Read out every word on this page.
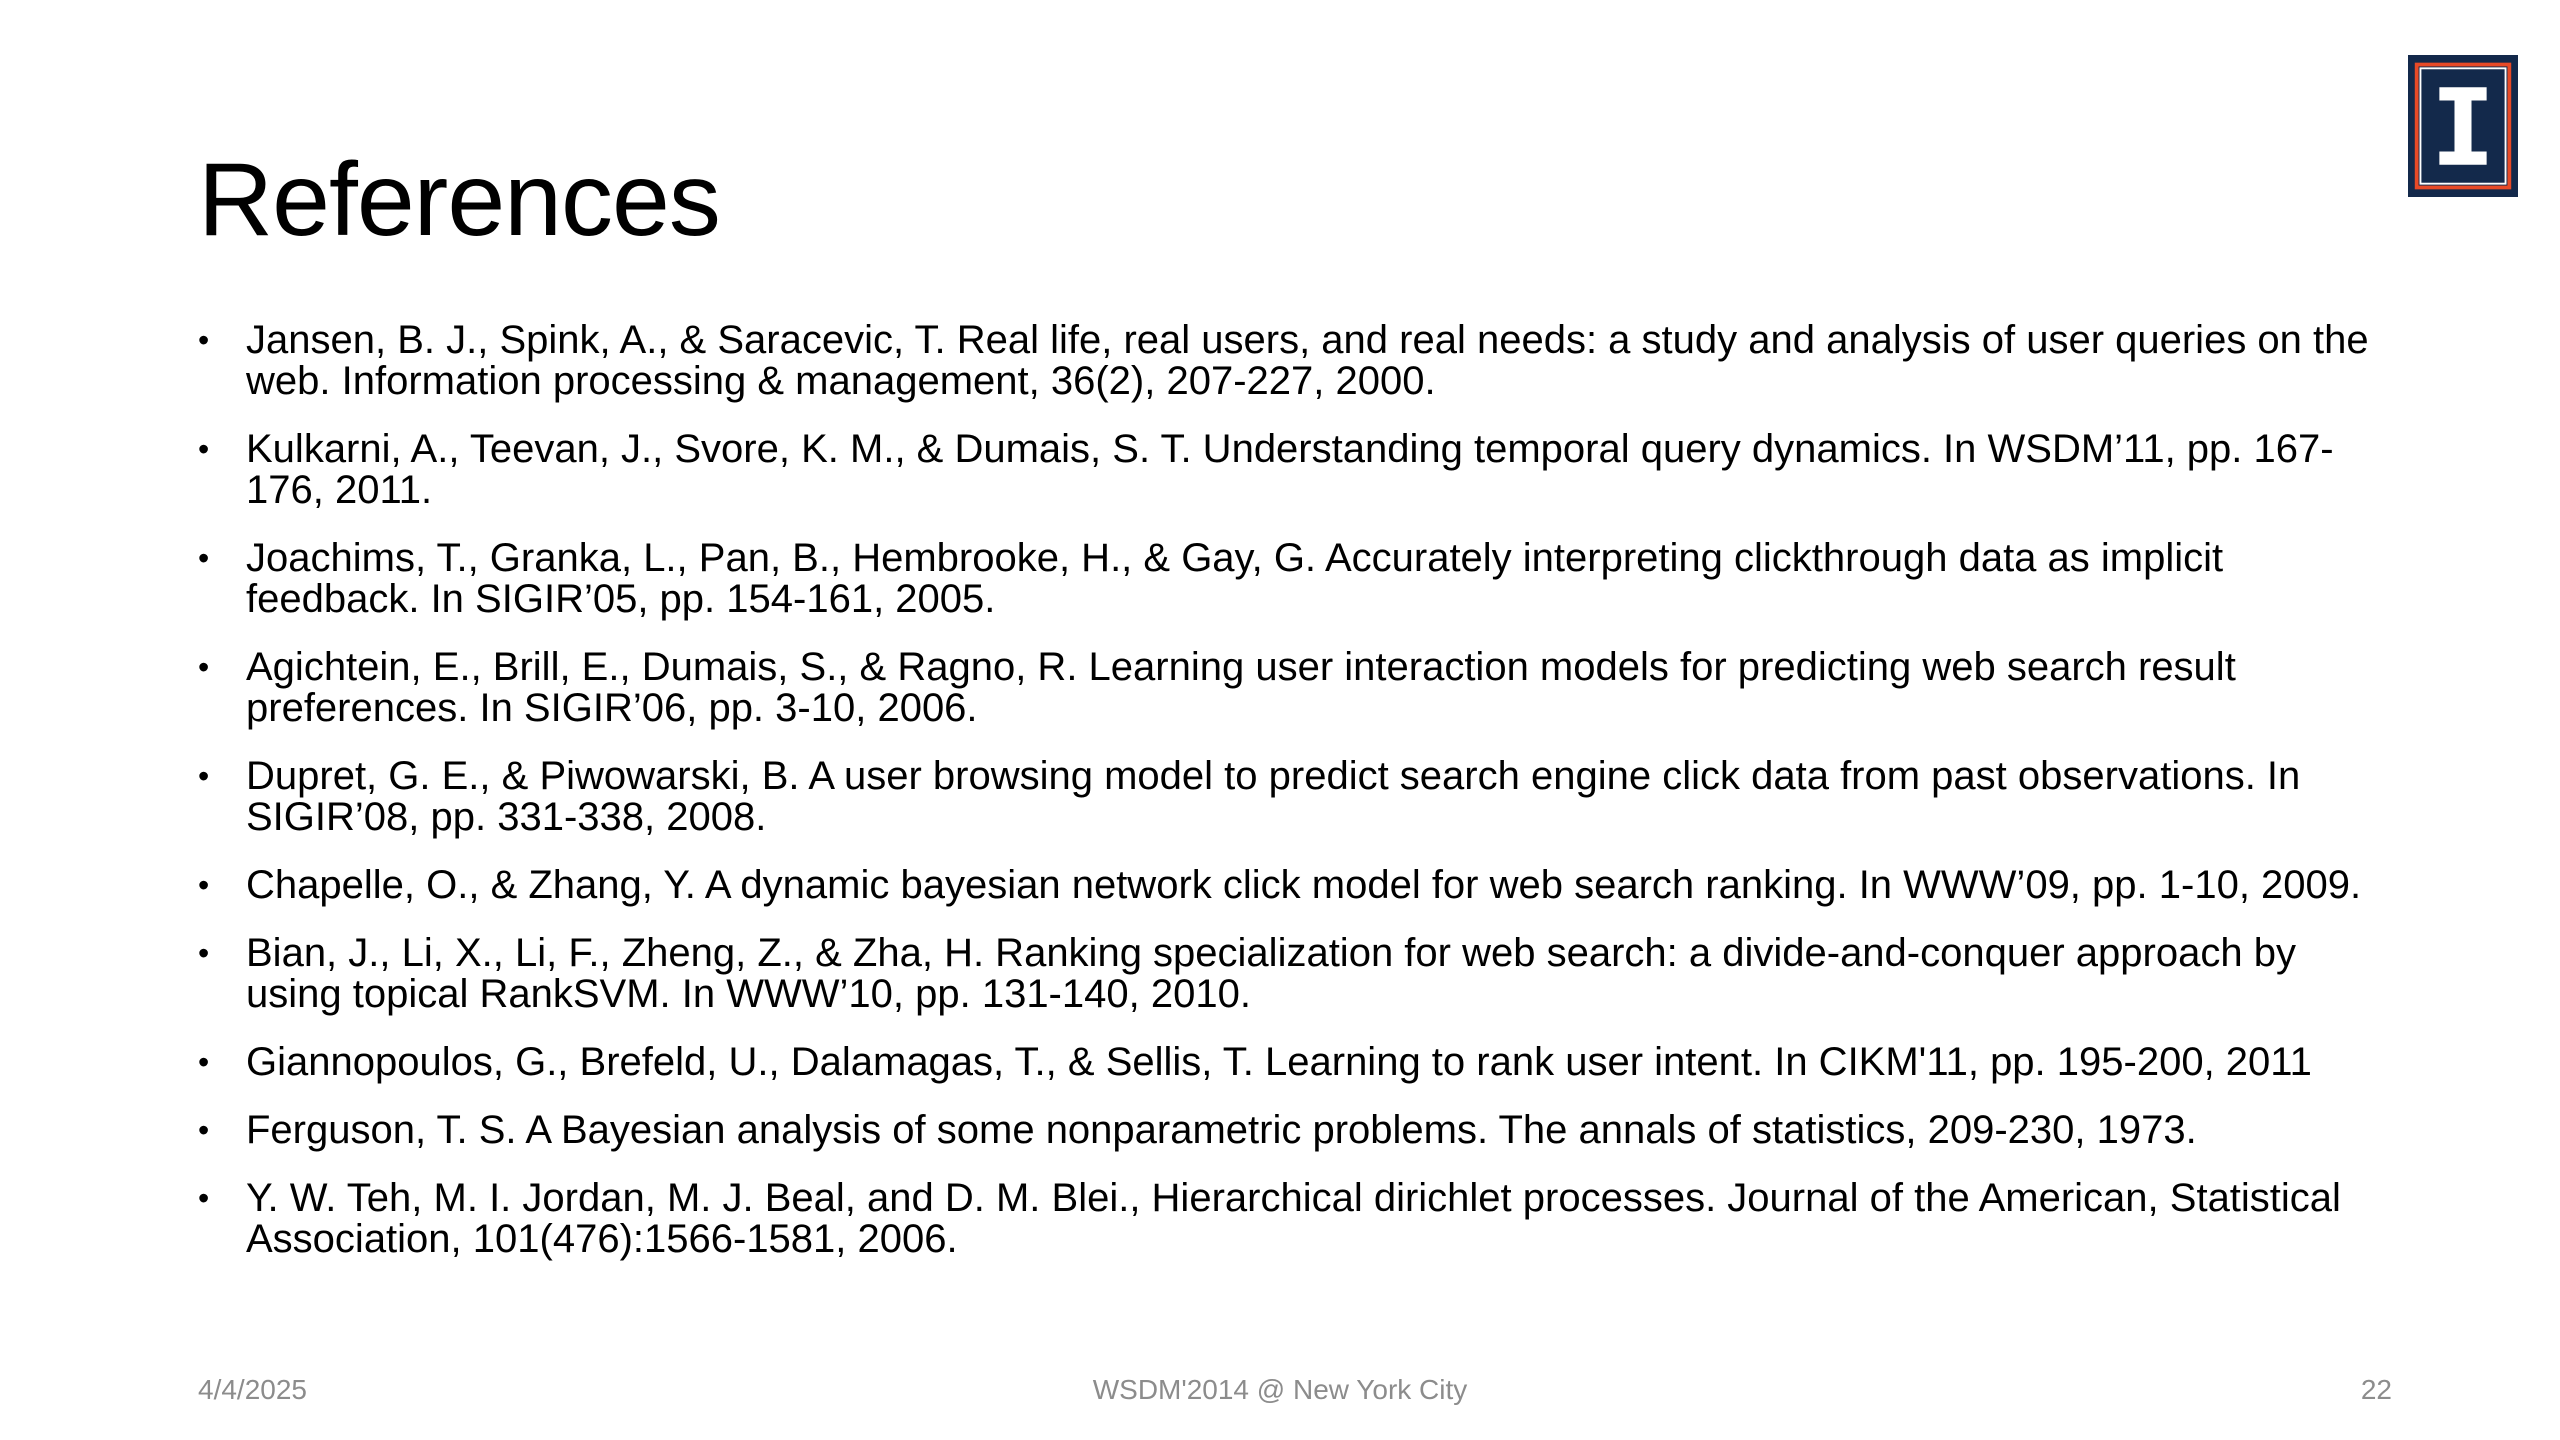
References
• Jansen, B. J., Spink, A., & Saracevic, T. Real life, real users, and real needs: a study and analysis of user queries on the web. Information processing & management, 36(2), 207-227, 2000.
• Kulkarni, A., Teevan, J., Svore, K. M., & Dumais, S. T. Understanding temporal query dynamics. In WSDM’11, pp. 167-176, 2011.
• Joachims, T., Granka, L., Pan, B., Hembrooke, H., & Gay, G. Accurately interpreting clickthrough data as implicit feedback. In SIGIR’05, pp. 154-161, 2005.
• Agichtein, E., Brill, E., Dumais, S., & Ragno, R. Learning user interaction models for predicting web search result preferences. In SIGIR’06, pp. 3-10, 2006.
• Dupret, G. E., & Piwowarski, B. A user browsing model to predict search engine click data from past observations. In SIGIR’08, pp. 331-338, 2008.
• Chapelle, O., & Zhang, Y. A dynamic bayesian network click model for web search ranking. In WWW’09, pp. 1-10, 2009.
• Bian, J., Li, X., Li, F., Zheng, Z., & Zha, H. Ranking specialization for web search: a divide-and-conquer approach by using topical RankSVM. In WWW’10, pp. 131-140, 2010.
• Giannopoulos, G., Brefeld, U., Dalamagas, T., & Sellis, T. Learning to rank user intent. In CIKM'11, pp. 195-200, 2011
• Ferguson, T. S. A Bayesian analysis of some nonparametric problems. The annals of statistics, 209-230, 1973.
• Y. W. Teh, M. I. Jordan, M. J. Beal, and D. M. Blei., Hierarchical dirichlet processes. Journal of the American, Statistical Association, 101(476):1566-1581, 2006.
4/4/2025	WSDM'2014 @ New York City	22
